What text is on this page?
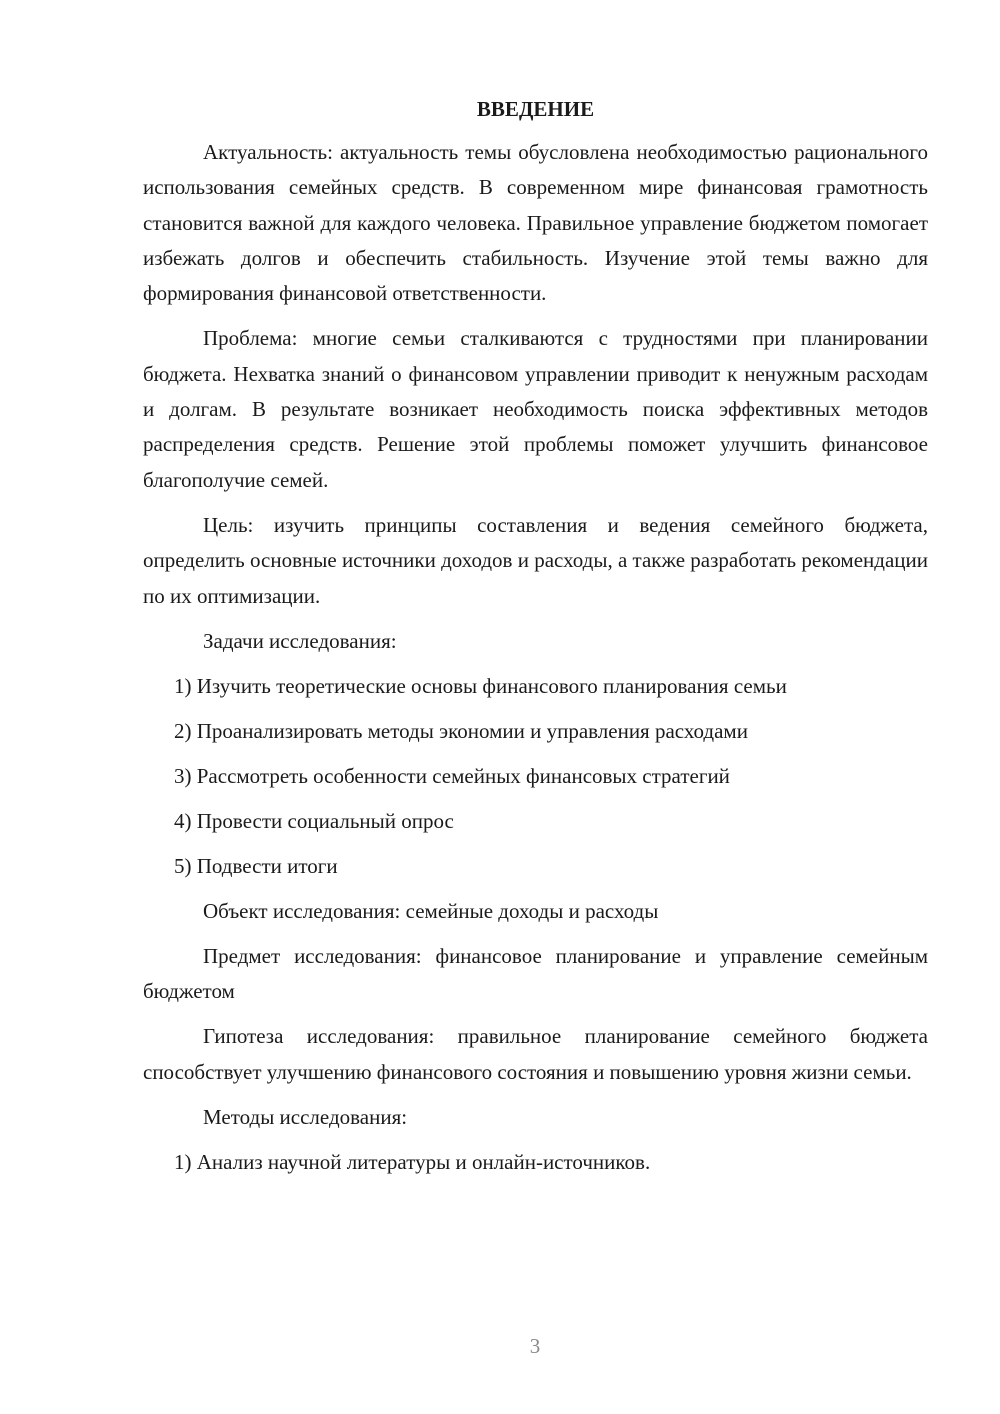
ВВЕДЕНИЕ

Актуальность: актуальность темы обусловлена необходимостью рационального использования семейных средств. В современном мире финансовая грамотность становится важной для каждого человека. Правильное управление бюджетом помогает избежать долгов и обеспечить стабильность. Изучение этой темы важно для формирования финансовой ответственности.

Проблема: многие семьи сталкиваются с трудностями при планировании бюджета. Нехватка знаний о финансовом управлении приводит к ненужным расходам и долгам. В результате возникает необходимость поиска эффективных методов распределения средств. Решение этой проблемы поможет улучшить финансовое благополучие семей.

Цель: изучить принципы составления и ведения семейного бюджета, определить основные источники доходов и расходы, а также разработать рекомендации по их оптимизации.

Задачи исследования:
1) Изучить теоретические основы финансового планирования семьи
2) Проанализировать методы экономии и управления расходами
3) Рассмотреть особенности семейных финансовых стратегий
4) Провести социальный опрос
5) Подвести итоги
Объект исследования: семейные доходы и расходы

Предмет исследования: финансовое планирование и управление семейным бюджетом

Гипотеза исследования: правильное планирование семейного бюджета способствует улучшению финансового состояния и повышению уровня жизни семьи.

Методы исследования:
1) Анализ научной литературы и онлайн-источников.
3
